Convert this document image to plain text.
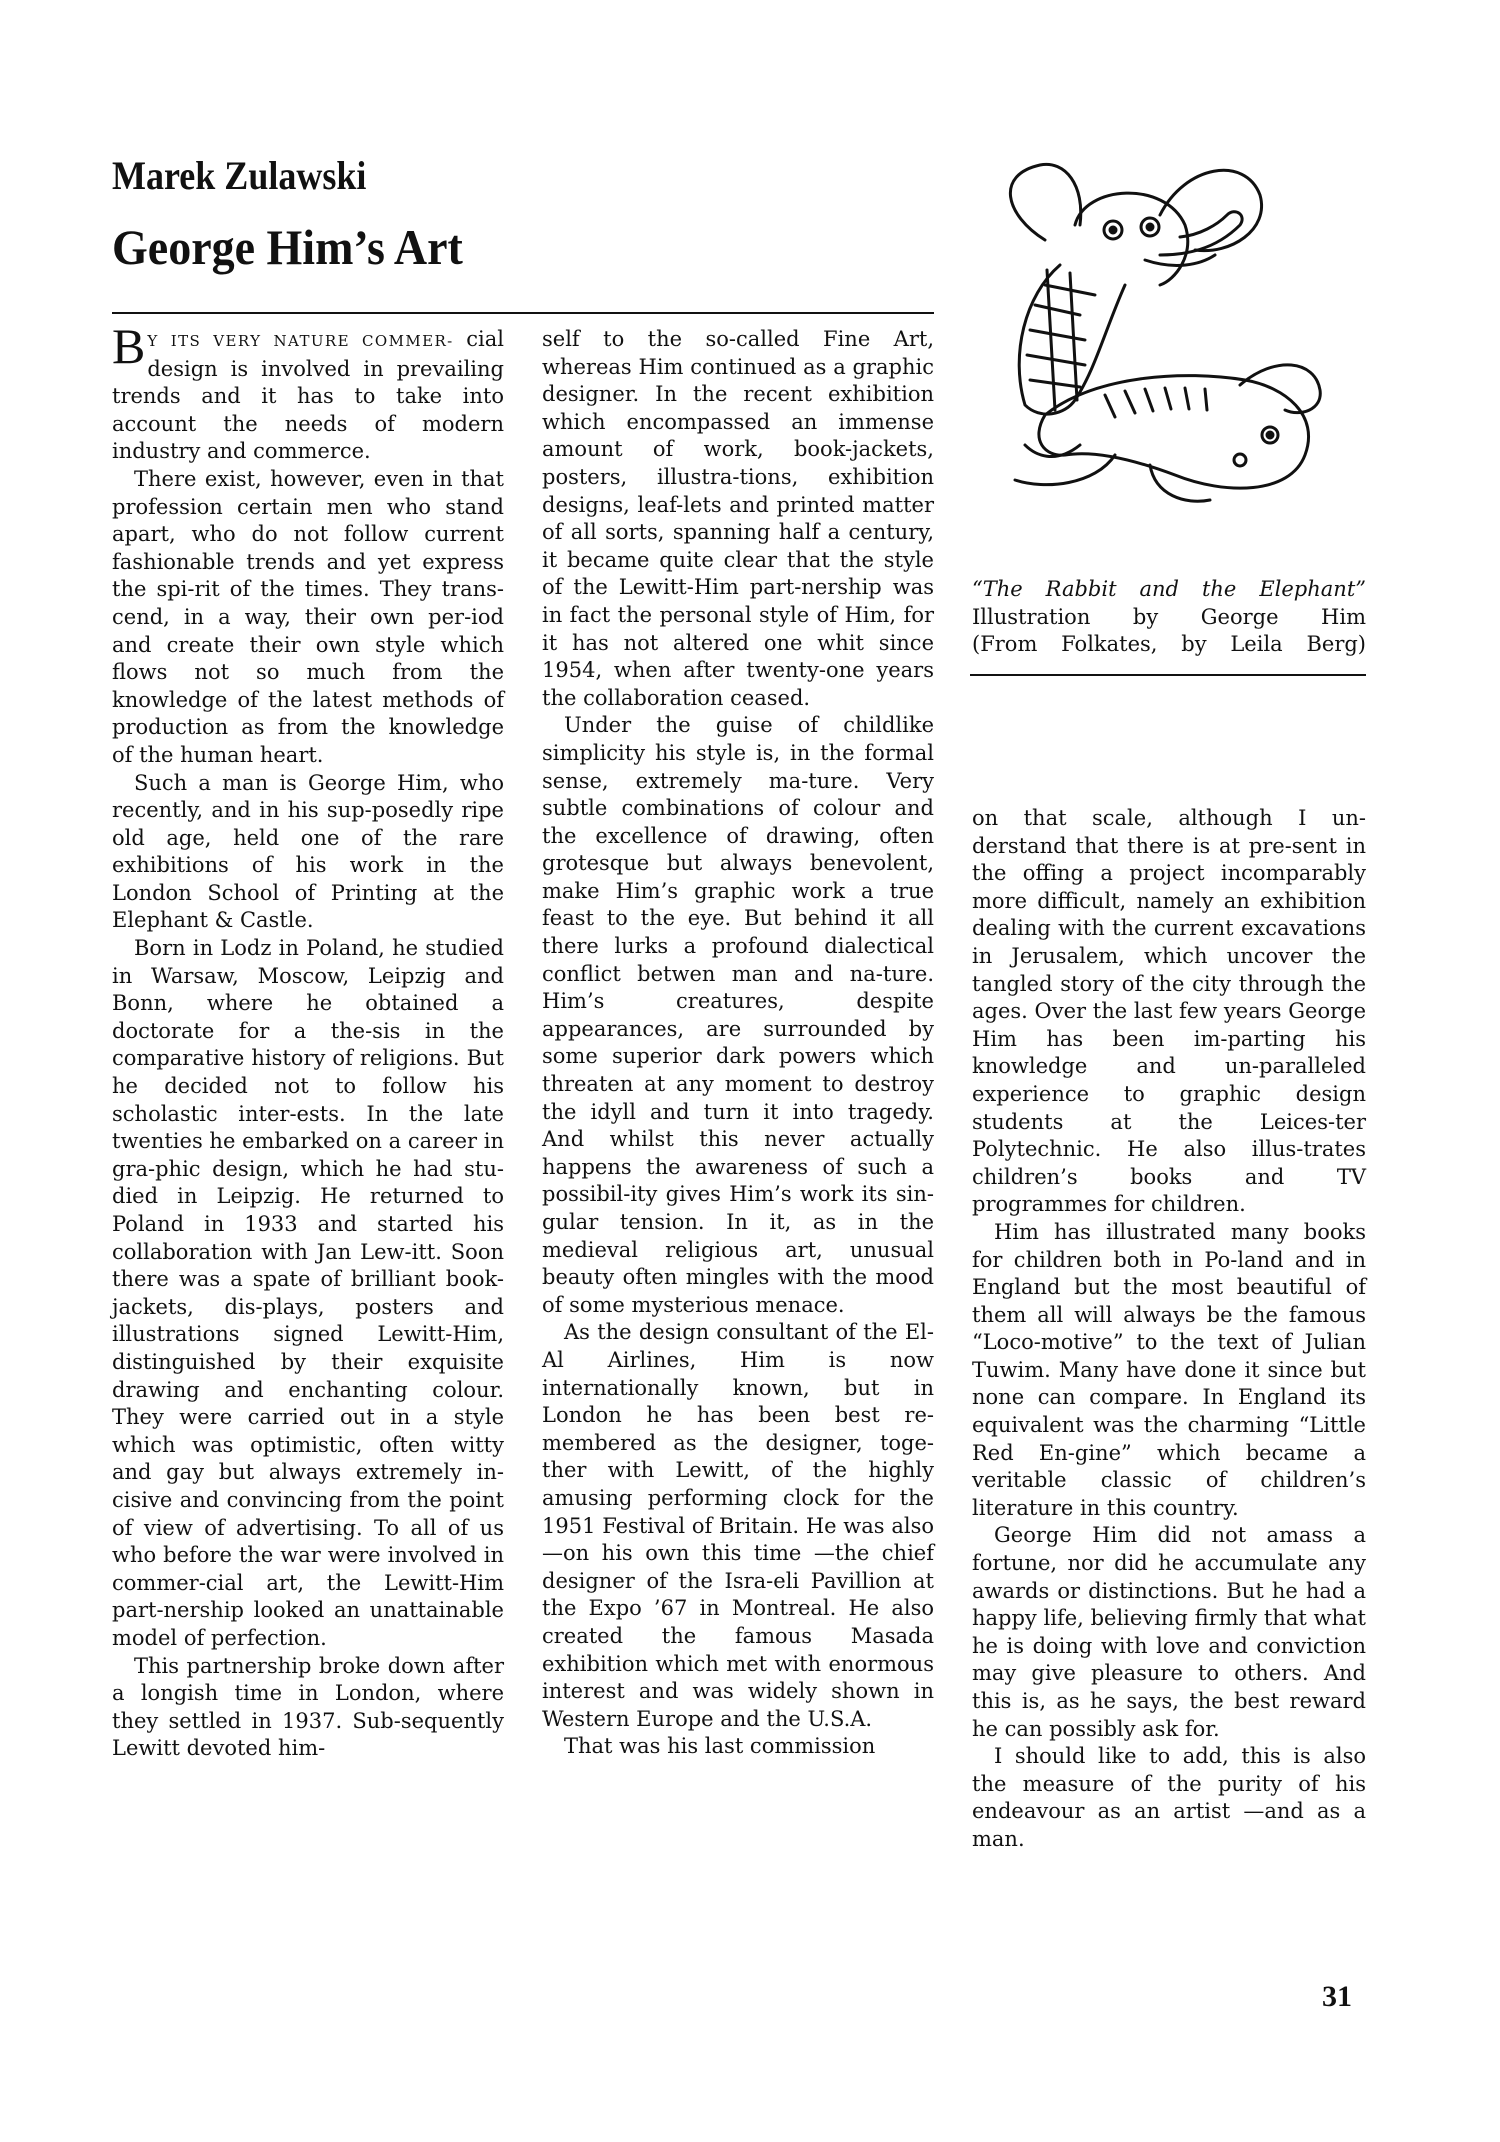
Marek Zulawski
George Him’s Art
“The Rabbit and the Elephant”
Illustration by George Him
(From Folkates, by Leila Berg)

B Y ITS VERY NATURE COMMER- cial design is involved in prevailing trends and it has to take into account the needs of modern industry and commerce.

There exist, however, even in that profession certain men who stand apart, who do not follow current fashionable trends and yet express the spi-rit of the times. They trans-cend, in a way, their own per-iod and create their own style which flows not so much from the knowledge of the latest methods of production as from the knowledge of the human heart.

Such a man is George Him, who recently, and in his sup-posedly ripe old age, held one of the rare exhibitions of his work in the London School of Printing at the Elephant & Castle.

Born in Lodz in Poland, he studied in Warsaw, Moscow, Leipzig and Bonn, where he obtained a doctorate for a the-sis in the comparative history of religions. But he decided not to follow his scholastic inter-ests. In the late twenties he embarked on a career in gra-phic design, which he had stu-died in Leipzig. He returned to Poland in 1933 and started his collaboration with Jan Lew-itt. Soon there was a spate of brilliant book-jackets, dis-plays, posters and illustrations signed Lewitt-Him, distinguished by their exquisite drawing and enchanting colour. They were carried out in a style which was optimistic, often witty and gay but always extremely in-cisive and convincing from the point of view of advertising. To all of us who before the war were involved in commer-cial art, the Lewitt-Him part-nership looked an unattainable model of perfection.

This partnership broke down after a longish time in London, where they settled in 1937. Sub-sequently Lewitt devoted him-

self to the so-called Fine Art, whereas Him continued as a graphic designer. In the recent exhibition which encompassed an immense amount of work, book-jackets, posters, illustra-tions, exhibition designs, leaf-lets and printed matter of all sorts, spanning half a century, it became quite clear that the style of the Lewitt-Him part-nership was in fact the personal style of Him, for it has not altered one whit since 1954, when after twenty-one years the collaboration ceased.

Under the guise of childlike simplicity his style is, in the formal sense, extremely ma-ture. Very subtle combinations of colour and the excellence of drawing, often grotesque but always benevolent, make Him’s graphic work a true feast to the eye. But behind it all there lurks a profound dialectical conflict betwen man and na-ture. Him’s creatures, despite appearances, are surrounded by some superior dark powers which threaten at any moment to destroy the idyll and turn it into tragedy. And whilst this never actually happens the awareness of such a possibil-ity gives Him’s work its sin-gular tension. In it, as in the medieval religious art, unusual beauty often mingles with the mood of some mysterious menace.

As the design consultant of the El-Al Airlines, Him is now internationally known, but in London he has been best re-membered as the designer, toge-ther with Lewitt, of the highly amusing performing clock for the 1951 Festival of Britain. He was also—on his own this time —the chief designer of the Isra-eli Pavillion at the Expo ’67 in Montreal. He also created the famous Masada exhibition which met with enormous interest and was widely shown in Western Europe and the U.S.A.

That was his last commission

on that scale, although I un-derstand that there is at pre-sent in the offing a project incomparably more difficult, namely an exhibition dealing with the current excavations in Jerusalem, which uncover the tangled story of the city through the ages. Over the last few years George Him has been im-parting his knowledge and un-paralleled experience to graphic design students at the Leices-ter Polytechnic. He also illus-trates children’s books and TV programmes for children.

Him has illustrated many books for children both in Po-land and in England but the most beautiful of them all will always be the famous “Loco-motive” to the text of Julian Tuwim. Many have done it since but none can compare. In England its equivalent was the charming “Little Red En-gine” which became a veritable classic of children’s literature in this country.

George Him did not amass a fortune, nor did he accumulate any awards or distinctions. But he had a happy life, believing firmly that what he is doing with love and conviction may give pleasure to others. And this is, as he says, the best reward he can possibly ask for.

I should like to add, this is also the measure of the purity of his endeavour as an artist —and as a man.

31
